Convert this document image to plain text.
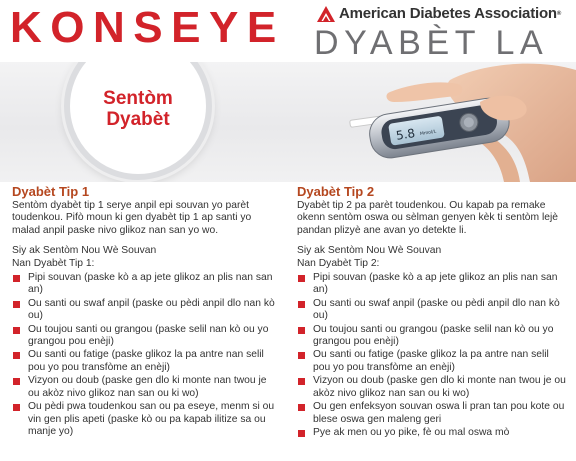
KONSEYE	American Diabetes Association®
DYABÈT LA
Sentòm
Dyabèt
5.8 Mmol/L
Dyabèt Tip 1

Sentòm dyabèt tip 1 serye anpil epi souvan yo parèt toudenkou. Pifò moun ki gen dyabèt tip 1 ap santi yo malad anpil paske nivo glikoz nan san yo wo.

Siy ak Sentòm Nou Wè Souvan
Nan Dyabèt Tip 1:
Pipi souvan (paske kò a ap jete glikoz an plis nan san an)
Ou santi ou swaf anpil (paske ou pèdi anpil dlo nan kò ou)
Ou toujou santi ou grangou (paske selil nan kò ou yo grangou pou enèji)
Ou santi ou fatige (paske glikoz la pa antre nan selil pou yo pou transfòme an enèji)
Vizyon ou doub (paske gen dlo ki monte nan twou je ou akòz nivo glikoz nan san ou ki wo)
Ou pèdi pwa toudenkou san ou pa eseye, menm si ou vin gen plis apeti (paske kò ou pa kapab ilitize sa ou manje yo)
Dyabèt Tip 2

Dyabèt tip 2 pa parèt toudenkou. Ou kapab pa remake okenn sentòm oswa ou sèlman genyen kèk ti sentòm lejè pandan plizyè ane avan yo detekte li.

Siy ak Sentòm Nou Wè Souvan
Nan Dyabèt Tip 2:
Pipi souvan (paske kò a ap jete glikoz an plis nan san an)
Ou santi ou swaf anpil (paske ou pèdi anpil dlo nan kò ou)
Ou toujou santi ou grangou (paske selil nan kò ou yo grangou pou enèji)
Ou santi ou fatige (paske glikoz la pa antre nan selil pou yo pou transfòme an enèji)
Vizyon ou doub (paske gen dlo ki monte nan twou je ou akòz nivo glikoz nan san ou ki wo)
Ou gen enfeksyon souvan oswa li pran tan pou kote ou blese oswa gen maleng geri
Pye ak men ou yo pike, fè ou mal oswa mò
